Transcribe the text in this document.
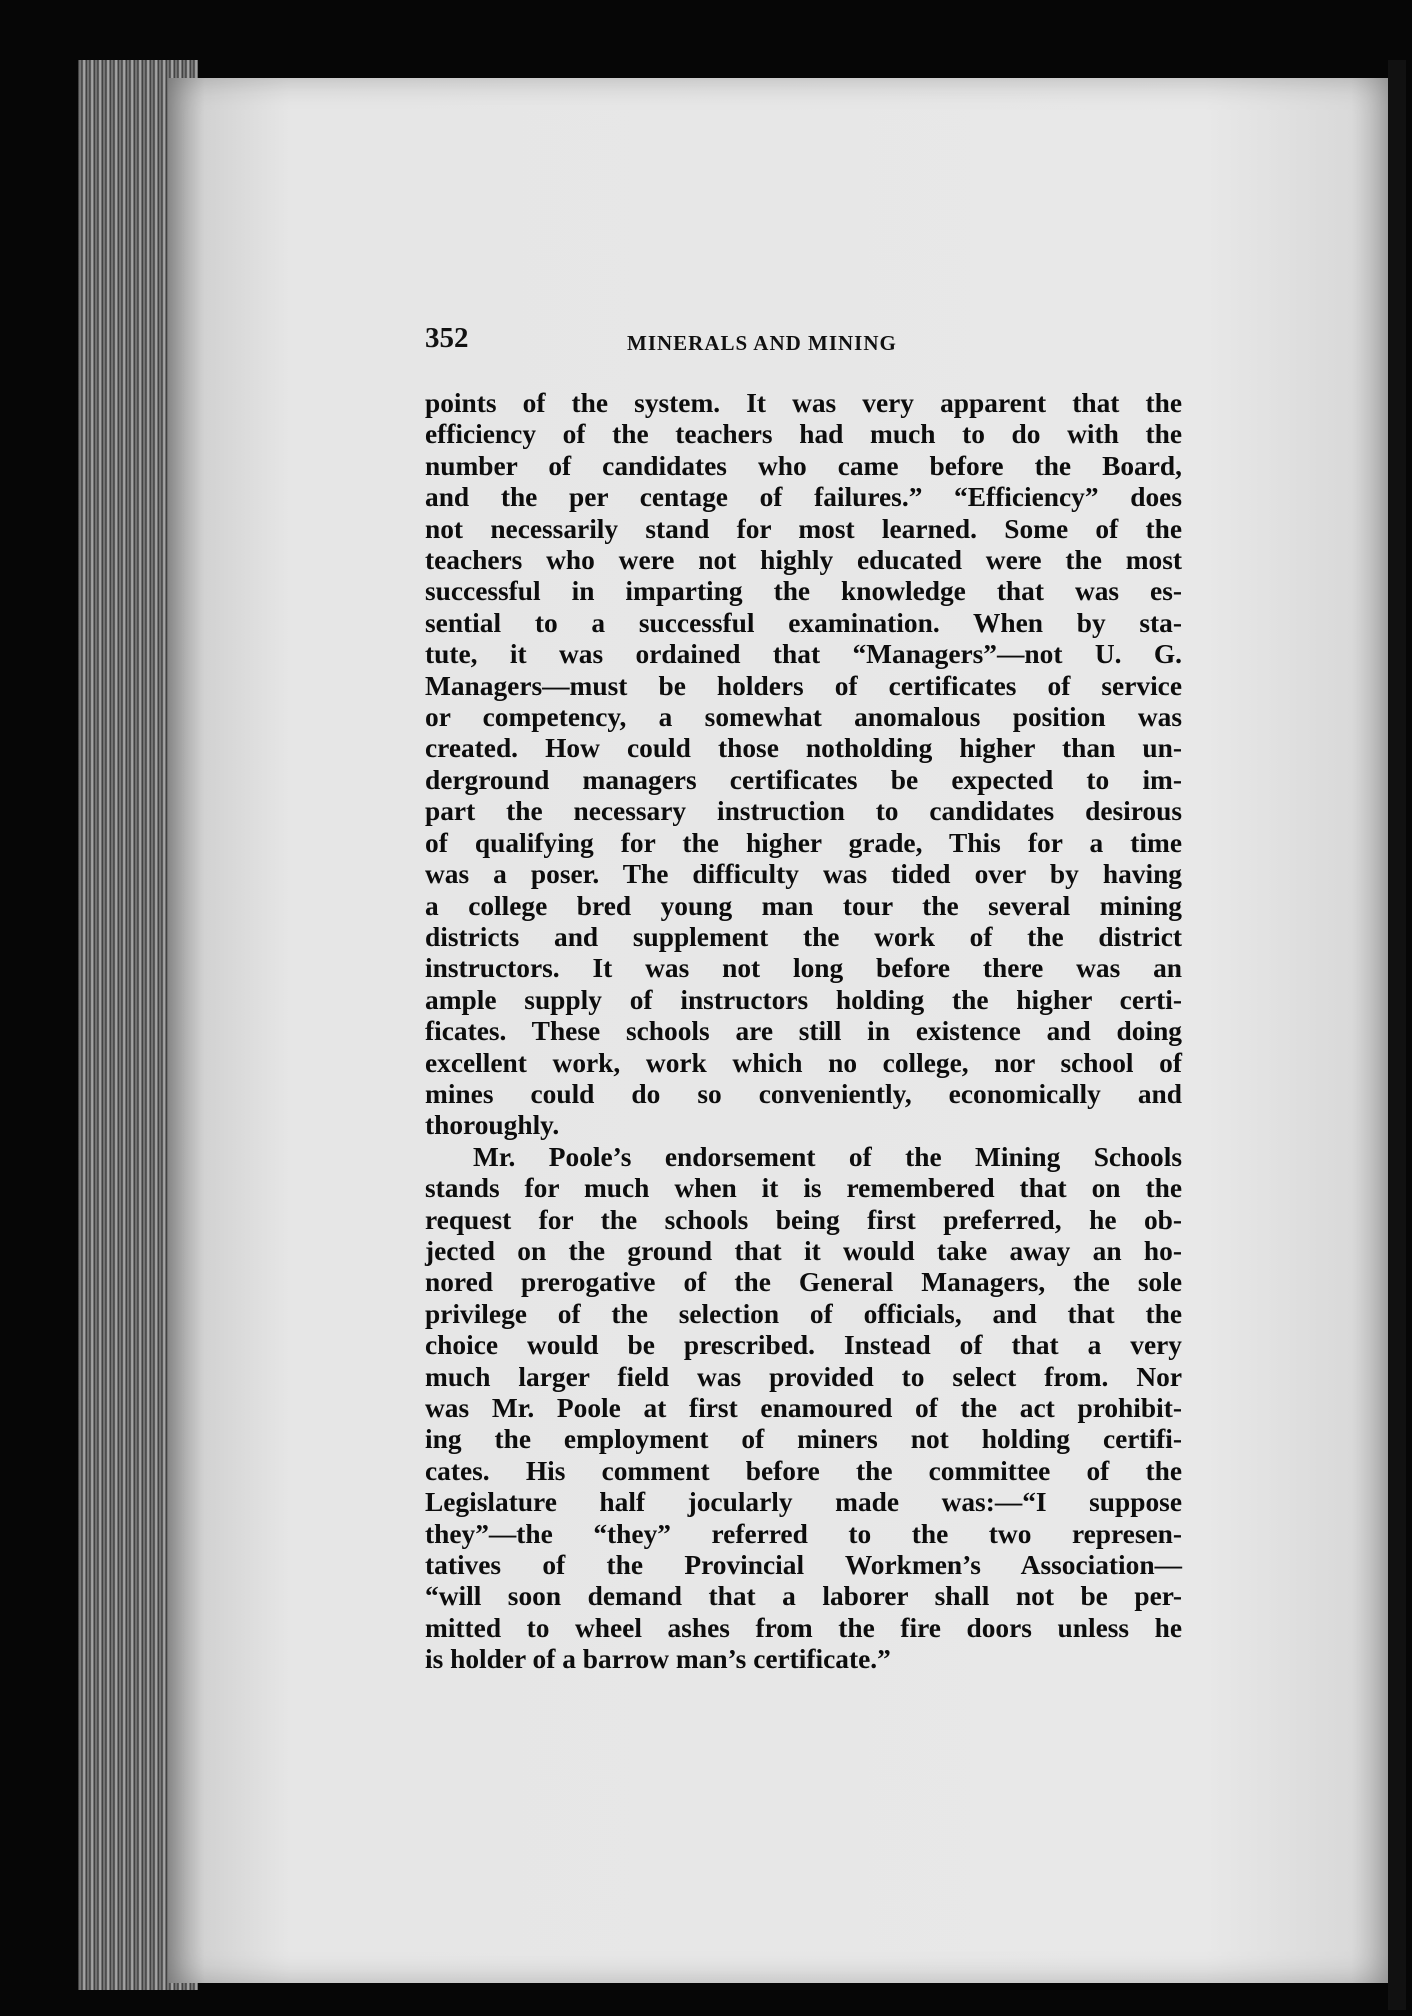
352	MINERALS AND MINING
points of the system. It was very apparent that the
efficiency of the teachers had much to do with the
number of candidates who came before the Board,
and the per centage of failures.” “Efficiency” does
not necessarily stand for most learned. Some of the
teachers who were not highly educated were the most
successful in imparting the knowledge that was es-
sential to a successful examination. When by sta-
tute, it was ordained that “Managers”—not U. G.
Managers—must be holders of certificates of service
or competency, a somewhat anomalous position was
created. How could those notholding higher than un-
derground managers certificates be expected to im-
part the necessary instruction to candidates desirous
of qualifying for the higher grade, This for a time
was a poser. The difficulty was tided over by having
a college bred young man tour the several mining
districts and supplement the work of the district
instructors. It was not long before there was an
ample supply of instructors holding the higher certi-
ficates. These schools are still in existence and doing
excellent work, work which no college, nor school of
mines could do so conveniently, economically and
thoroughly.
Mr. Poole’s endorsement of the Mining Schools
stands for much when it is remembered that on the
request for the schools being first preferred, he ob-
jected on the ground that it would take away an ho-
nored prerogative of the General Managers, the sole
privilege of the selection of officials, and that the
choice would be prescribed. Instead of that a very
much larger field was provided to select from. Nor
was Mr. Poole at first enamoured of the act prohibit-
ing the employment of miners not holding certifi-
cates. His comment before the committee of the
Legislature half jocularly made was:—“I suppose
they”—the “they” referred to the two represen-
tatives of the Provincial Workmen’s Association—
“will soon demand that a laborer shall not be per-
mitted to wheel ashes from the fire doors unless he
is holder of a barrow man’s certificate.”
